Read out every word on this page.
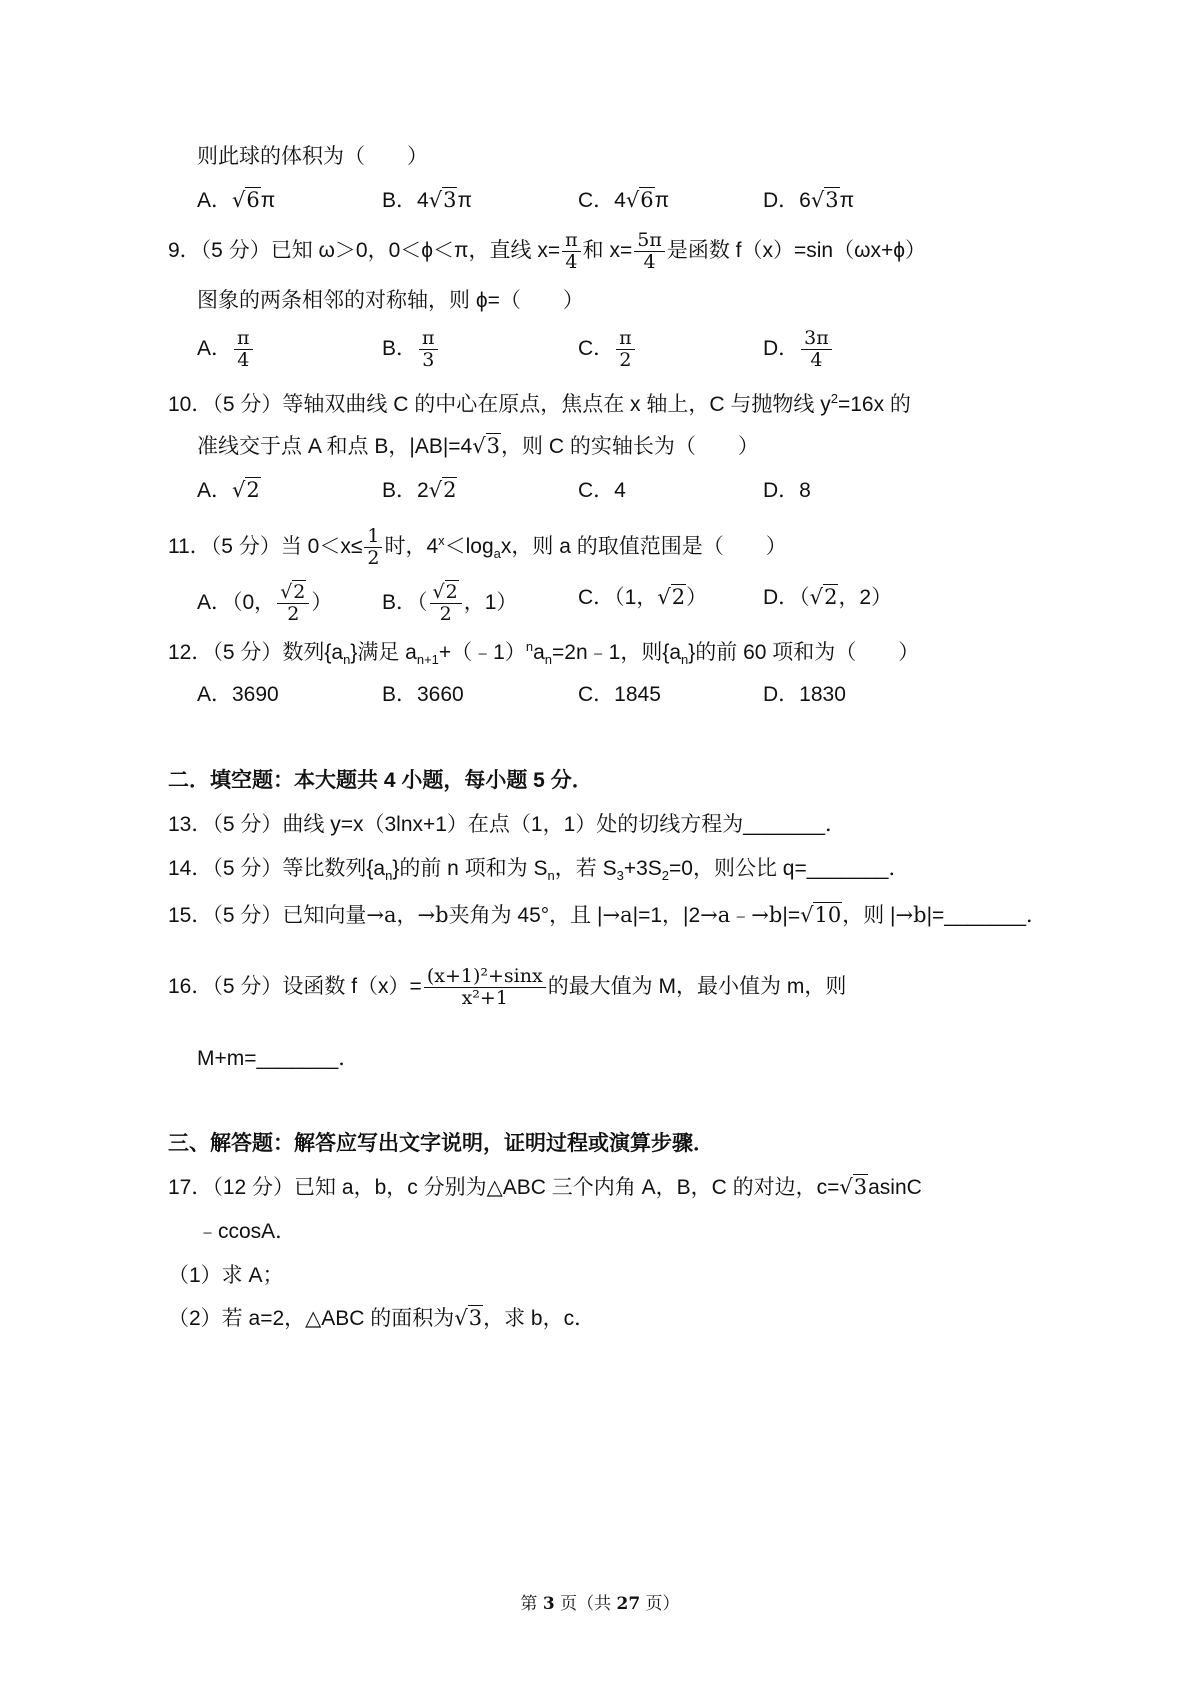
则此球的体积为（　　）
A．√6π	B．4√3π	C．4√6π	D．6√3π
9．（5 分）已知 ω＞0，0＜ϕ＜π，直线 $x= \frac{\pi}{4}$ 和 $x= \frac{5\pi}{4}$ 是函数 f（x）=sin（ωx+ϕ）
图象的两条相邻的对称轴，则 ϕ=（　　）
A． $\frac{\pi}{4}$	B． $\frac{\pi}{3}$	C． $\frac{\pi}{2}$	D． $\frac{3\pi}{4}$
10．（5 分）等轴双曲线 C 的中心在原点，焦点在 x 轴上，C 与抛物线 $y^2=16x$ 的
准线交于点 A 和点 B，|AB|=4√3，则 C 的实轴长为（　　）
A．√2	B．2√2	C．4	D．8
11．（5 分）当 $0<x\le \frac{1}{2}$ 时，$4^x<\log_ax$，则 a 的取值范围是（　　）
A．（0， $\frac{√2}{2}$ ） B．（ $\frac{√2}{2}$ ，1）	C．（1，√2）	D．（√2，2）
12．（5 分）数列$\{a_n\}$满足 $a_{n+1}+(﹣1)^na_n=2n﹣1$，则$\{a_n\}$的前 60 项和为（　　）
A．3690	B．3660	C．1845	D．1830
二．填空题：本大题共 4 小题，每小题 5 分．
13．（5 分）曲线 y=x（3lnx+1）在点（1，1）处的切线方程为_______．
14．（5 分）等比数列$\{a_n\}$的前 n 项和为 $S_n$，若 $S_3+3S_2=0$，则公比 q=_______．
15．（5 分）已知向量→a，→b夹角为 45°，且 |→a|=1，|2→a﹣→b|=√10，则 |→b|=_______．
16．（5 分）设函数 $f(x)= \frac{\text{(x+1)²+sinx}}{\text{x²+1}}$ 的最大值为 M，最小值为 m，则
M+m=_______．
三、解答题：解答应写出文字说明，证明过程或演算步骤．
17．（12 分）已知 a，b，c 分别为△ABC 三个内角 A，B，C 的对边，c=√3asinC
﹣ccosA．
（1）求 A；
（2）若 a=2，△ABC 的面积为√3，求 b，c．
第 3 页（共 27 页）
